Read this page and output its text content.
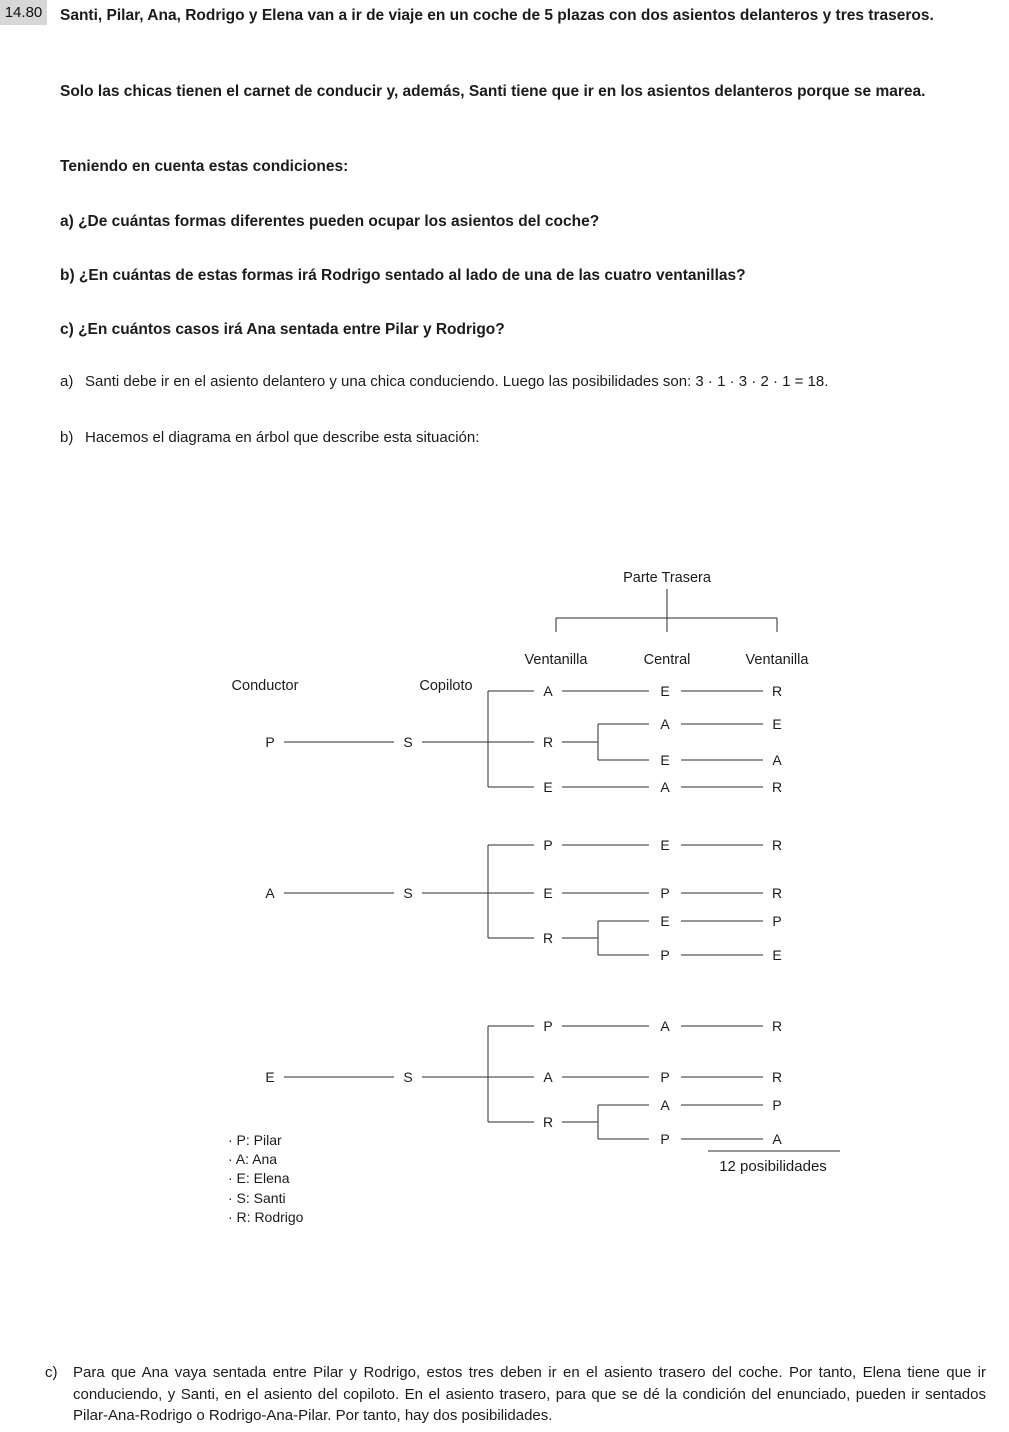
14.80	Santi, Pilar, Ana, Rodrigo y Elena van a ir de viaje en un coche de 5 plazas con dos asientos delanteros y tres traseros.
Solo las chicas tienen el carnet de conducir y, además, Santi tiene que ir en los asientos delanteros porque se marea.
Teniendo en cuenta estas condiciones:
a) ¿De cuántas formas diferentes pueden ocupar los asientos del coche?
b) ¿En cuántas de estas formas irá Rodrigo sentado al lado de una de las cuatro ventanillas?
c) ¿En cuántos casos irá Ana sentada entre Pilar y Rodrigo?
a) Santi debe ir en el asiento delantero y una chica conduciendo. Luego las posibilidades son: 3 · 1 · 3 · 2 · 1 = 18.
b) Hacemos el diagrama en árbol que describe esta situación:
Parte Trasera
Ventanilla	Central	Ventanilla
Conductor	Copiloto
P	S
A	E	R
R
A	E
E	A
E	A	R
A	S
P	E	R
E	P	R
R
E	P
P	E
E	S
P	A	R
A	P	R
R
A	P
P	A
· P: Pilar
· A: Ana
· E: Elena
· S: Santi
· R: Rodrigo
12 posibilidades
c)	Para que Ana vaya sentada entre Pilar y Rodrigo, estos tres deben ir en el asiento trasero del coche. Por tanto, Elena tiene que ir conduciendo, y Santi, en el asiento del copiloto. En el asiento trasero, para que se dé la condición del enunciado, pueden ir sentados Pilar-Ana-Rodrigo o Rodrigo-Ana-Pilar. Por tanto, hay dos posibilidades.
